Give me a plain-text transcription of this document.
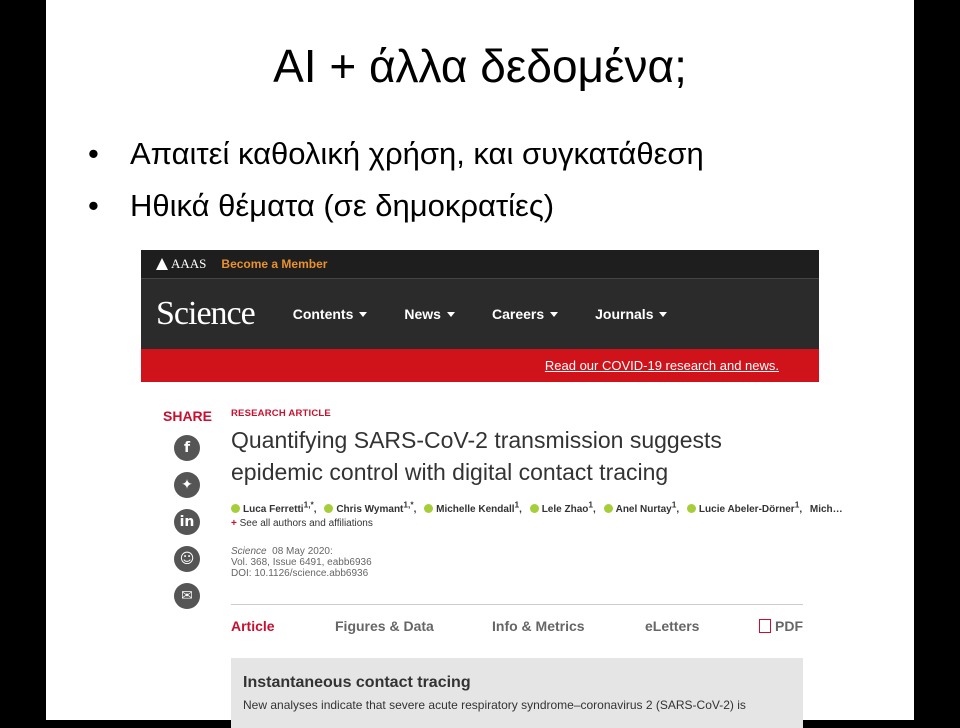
AI + άλλα δεδομένα;
• Απαιτεί καθολική χρήση, και συγκατάθεση
• Ηθικά θέματα (σε δημοκρατίες)
AAAS Become a Member
Science	Contents	News	Careers	Journals
Read our COVID-19 research and news.
SHARE
f
✦
in
☺
✉
RESEARCH ARTICLE
Quantifying SARS-CoV-2 transmission suggests epidemic control with digital contact tracing
Luca Ferretti$^{1,*}$, Chris Wymant$^{1,*}$, Michelle Kendall$^1$, Lele Zhao$^1$, Anel Nurtay$^1$, Lucie Abeler-Dörner$^1$, Mich…
+ See all authors and affiliations
Science 08 May 2020:
Vol. 368, Issue 6491, eabb6936
DOI: 10.1126/science.abb6936
Article	Figures & Data	Info & Metrics	eLetters	PDF
Instantaneous contact tracing
New analyses indicate that severe acute respiratory syndrome–coronavirus 2 (SARS-CoV-2) is
